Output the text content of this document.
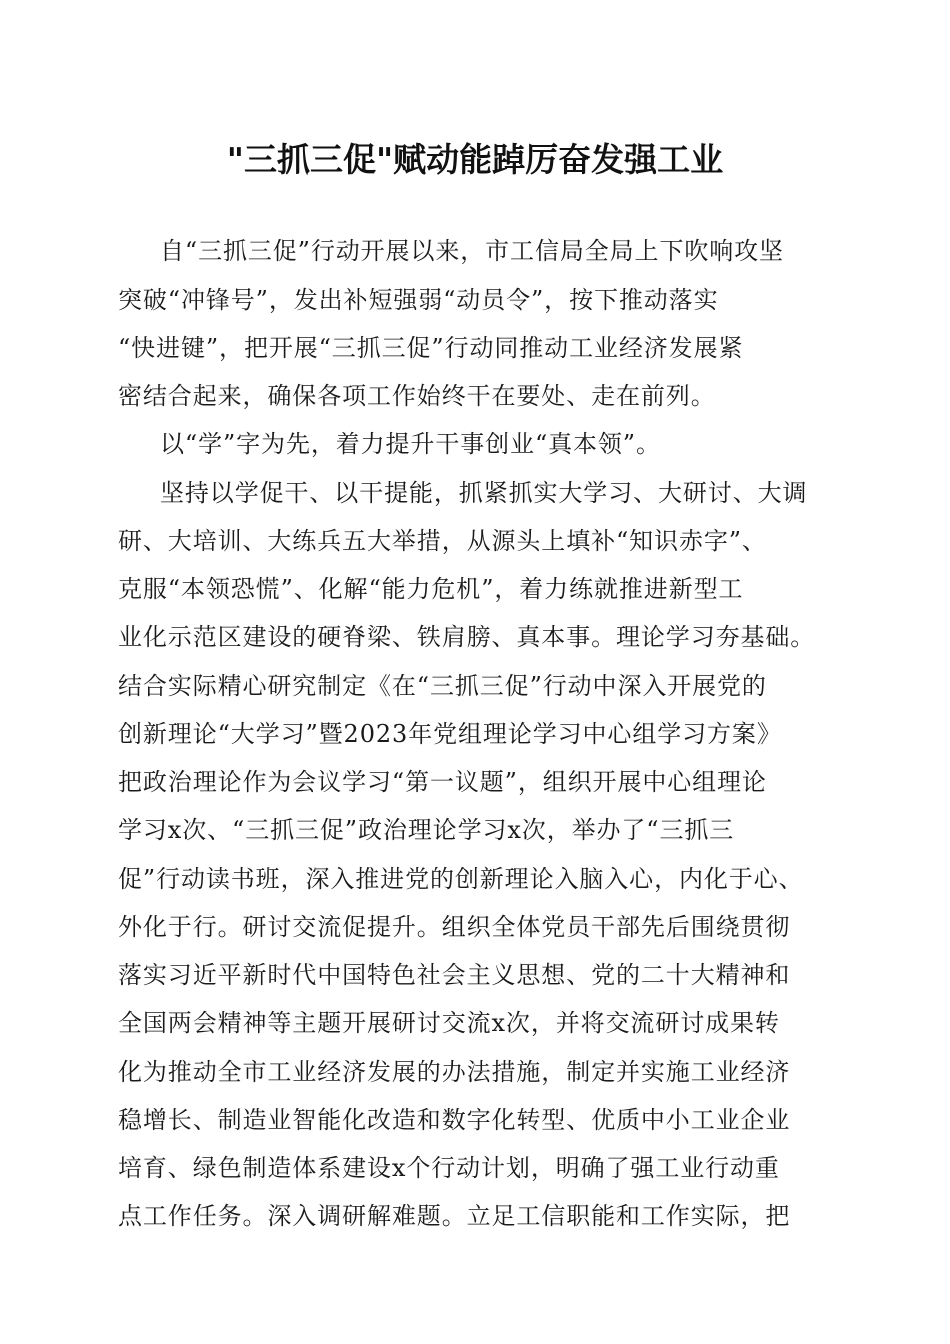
"三抓三促"赋动能踔厉奋发强工业
自“三抓三促”行动开展以来，市工信局全局上下吹响攻坚
突破“冲锋号”，发出补短强弱“动员令”，按下推动落实
“快进键”，把开展“三抓三促”行动同推动工业经济发展紧
密结合起来，确保各项工作始终干在要处、走在前列。
以“学”字为先，着力提升干事创业“真本领”。
坚持以学促干、以干提能，抓紧抓实大学习、大研讨、大调
研、大培训、大练兵五大举措，从源头上填补“知识赤字”、
克服“本领恐慌”、化解“能力危机”，着力练就推进新型工
业化示范区建设的硬脊梁、铁肩膀、真本事。理论学习夯基础。
结合实际精心研究制定《在“三抓三促”行动中深入开展党的
创新理论“大学习”暨2023年党组理论学习中心组学习方案》
把政治理论作为会议学习“第一议题”，组织开展中心组理论
学习x次、“三抓三促”政治理论学习x次，举办了“三抓三
促”行动读书班，深入推进党的创新理论入脑入心，内化于心、
外化于行。研讨交流促提升。组织全体党员干部先后围绕贯彻
落实习近平新时代中国特色社会主义思想、党的二十大精神和
全国两会精神等主题开展研讨交流x次，并将交流研讨成果转
化为推动全市工业经济发展的办法措施，制定并实施工业经济
稳增长、制造业智能化改造和数字化转型、优质中小工业企业
培育、绿色制造体系建设x个行动计划，明确了强工业行动重
点工作任务。深入调研解难题。立足工信职能和工作实际，把
